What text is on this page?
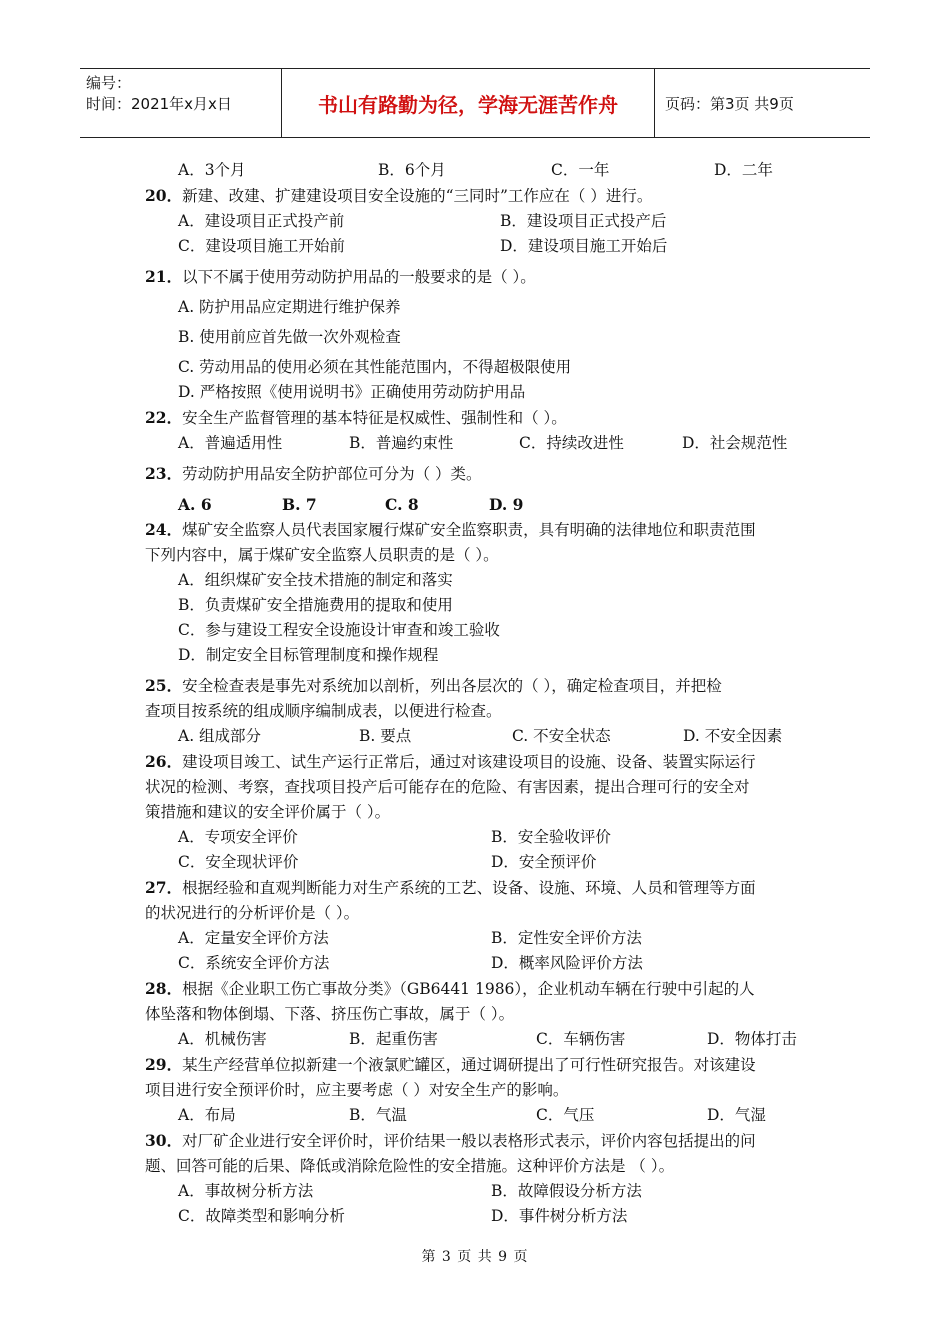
编号：
时间：2021年x月x日	书山有路勤为径，学海无涯苦作舟	页码：第3页 共9页
A．3个月	B．6个月	C．一年	D．二年
20．新建、改建、扩建建设项目安全设施的“三同时”工作应在（ ）进行。
A．建设项目正式投产前	B．建设项目正式投产后
C．建设项目施工开始前	D．建设项目施工开始后
21．以下不属于使用劳动防护用品的一般要求的是（ ）。
A. 防护用品应定期进行维护保养
B. 使用前应首先做一次外观检查
C. 劳动用品的使用必须在其性能范围内，不得超极限使用
D. 严格按照《使用说明书》正确使用劳动防护用品
22．安全生产监督管理的基本特征是权威性、强制性和（ ）。
A．普遍适用性	B．普遍约束性	C．持续改进性	D．社会规范性
23．劳动防护用品安全防护部位可分为（ ）类。
A. 6	B. 7	C. 8	D. 9
24．煤矿安全监察人员代表国家履行煤矿安全监察职责，具有明确的法律地位和职责范围
下列内容中，属于煤矿安全监察人员职责的是（ ）。
A．组织煤矿安全技术措施的制定和落实
B．负责煤矿安全措施费用的提取和使用
C．参与建设工程安全设施设计审查和竣工验收
D．制定安全目标管理制度和操作规程
25．安全检查表是事先对系统加以剖析，列出各层次的（ ），确定检查项目，并把检
查项目按系统的组成顺序编制成表，以便进行检查。
A. 组成部分	B. 要点	C. 不安全状态	D. 不安全因素
26．建设项目竣工、试生产运行正常后，通过对该建设项目的设施、设备、装置实际运行
状况的检测、考察，查找项目投产后可能存在的危险、有害因素，提出合理可行的安全对
策措施和建议的安全评价属于（ ）。
A．专项安全评价	B．安全验收评价
C．安全现状评价	D．安全预评价
27．根据经验和直观判断能力对生产系统的工艺、设备、设施、环境、人员和管理等方面
的状况进行的分析评价是（ ）。
A．定量安全评价方法	B．定性安全评价方法
C．系统安全评价方法	D．概率风险评价方法
28．根据《企业职工伤亡事故分类》（GB6441 1986），企业机动车辆在行驶中引起的人
体坠落和物体倒塌、下落、挤压伤亡事故，属于（ ）。
A．机械伤害	B．起重伤害	C．车辆伤害	D．物体打击
29．某生产经营单位拟新建一个液氯贮罐区，通过调研提出了可行性研究报告。对该建设
项目进行安全预评价时，应主要考虑（ ）对安全生产的影响。
A．布局	B．气温	C．气压	D．气湿
30．对厂矿企业进行安全评价时，评价结果一般以表格形式表示，评价内容包括提出的问
题、回答可能的后果、降低或消除危险性的安全措施。这种评价方法是 （ ）。
A．事故树分析方法	B．故障假设分析方法
C．故障类型和影响分析	D．事件树分析方法
第 3 页 共 9 页
